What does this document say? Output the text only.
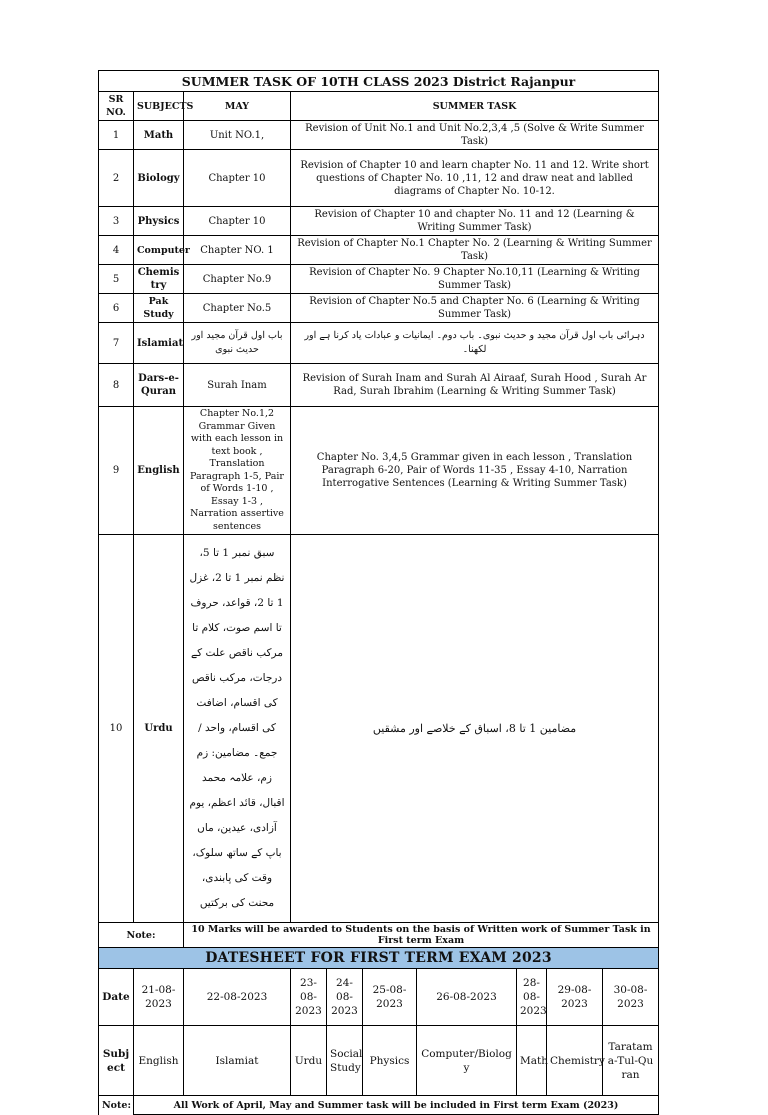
SUMMER TASK OF 10TH CLASS 2023 District Rajanpur			
SR NO.	SUBJECTS	MAY	SUMMER TASK
1	Math	Unit NO.1,	Revision of Unit No.1 and Unit No.2,3,4 ,5 (Solve & Write Summer Task)
2	Biology	Chapter 10	Revision of Chapter 10 and learn chapter No. 11 and 12. Write short questions of Chapter No. 10 ,11, 12 and draw neat and lablled diagrams of Chapter No. 10-12.
3	Physics	Chapter 10	Revision of Chapter 10 and chapter No. 11 and 12 (Learning & Writing Summer Task)
4	Computer	Chapter NO. 1	Revision of Chapter No.1 Chapter No. 2 (Learning & Writing Summer Task)
5	Chemistry	Chapter No.9	Revision of Chapter No. 9 Chapter No.10,11 (Learning & Writing Summer Task)
6	Pak Study	Chapter No.5	Revision of Chapter No.5 and Chapter No. 6 (Learning & Writing Summer Task)
7	Islamiat	باب اول قرآن مجید اور حدیث نبوی	دہرائی باب اول قرآن مجید و حدیث نبوی۔ باب دوم۔ ایمانیات و عبادات یاد کرنا ہے اور لکھنا۔
8	Dars-e-Quran	Surah Inam	Revision of Surah Inam and Surah Al Airaaf, Surah Hood , Surah Ar Rad, Surah Ibrahim (Learning & Writing Summer Task)
9	English	Chapter No.1,2 Grammar Given with each lesson in text book , Translation Paragraph 1-5, Pair of Words 1-10 , Essay 1-3 , Narration assertive sentences	Chapter No. 3,4,5 Grammar given in each lesson , Translation Paragraph 6-20, Pair of Words 11-35 , Essay 4-10, Narration Interrogative Sentences (Learning & Writing Summer Task)
10	Urdu	سبق نمبر 1 تا 5، نظم نمبر 1 تا 2، غزل 1 تا 2، قواعد، حروف تا اسم صوت، کلام تا مرکب ناقص علت کے درجات، مرکب ناقص کی اقسام، اضافت کی اقسام، واحد / جمع۔ مضامین: زم زم، علامہ محمد اقبال، قائد اعظم، یوم آزادی، عیدین، ماں باپ کے ساتھ سلوک، وقت کی پابندی، محنت کی برکتیں	مضامین 1 تا 8، اسباق کے خلاصے اور مشقیں
Note:		10 Marks will be awarded to Students on the basis of Written work of Summer Task in First term Exam	
DATESHEET FOR FIRST TERM EXAM 2023									
Date	21-08-2023	22-08-2023	23-08-2023	24-08-2023	25-08-2023	26-08-2023	28-08-2023	29-08-2023	30-08-2023
Subject	English	Islamiat	Urdu	Social Study	Physics	Computer/Biology	Math	Chemistry	Taratama-Tul-Quran
Note:	All Work of April, May and Summer task will be included in First term Exam (2023)								
